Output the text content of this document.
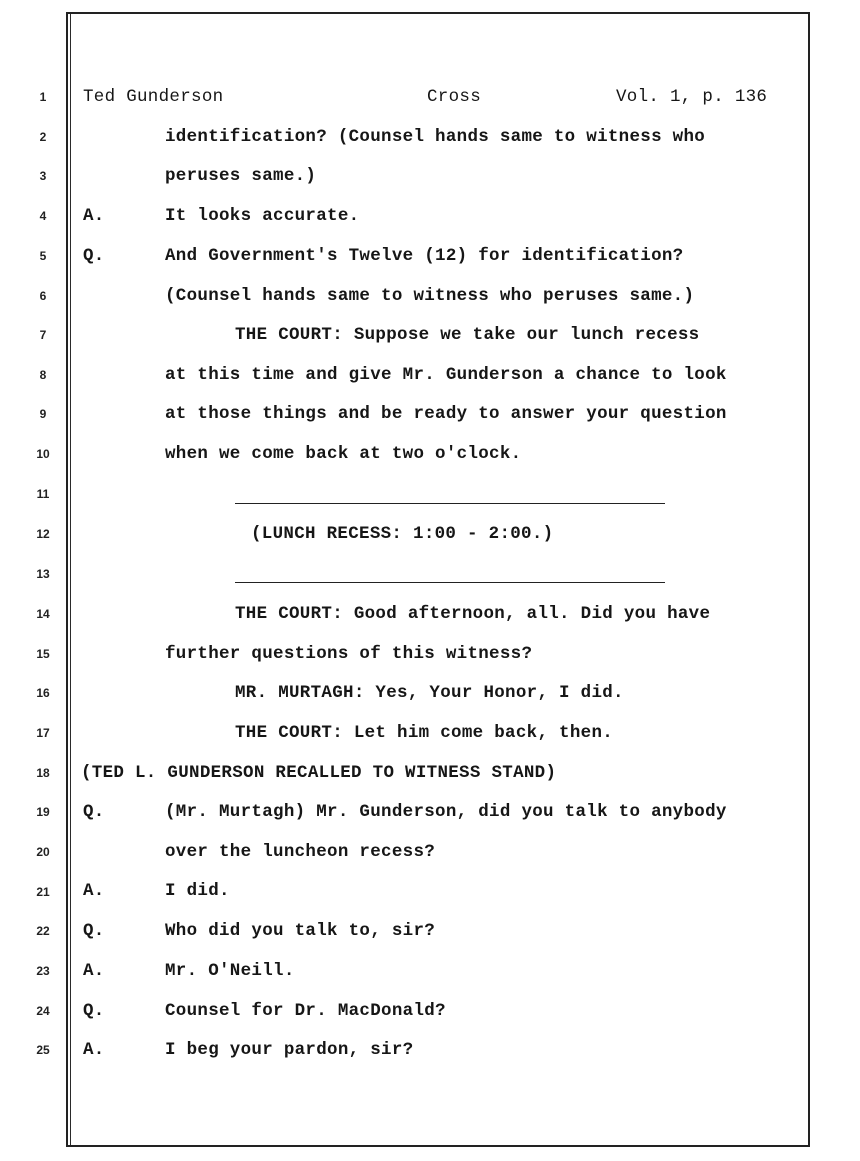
1
2
3
4
5
6
7
8
9
10
11
12
13
14
15
16
17
18
19
20
21
22
23
24
25
Ted Gunderson	Cross	Vol. 1, p. 136
identification? (Counsel hands same to witness who
peruses same.)
A.	It looks accurate.
Q.	And Government's Twelve (12) for identification?
(Counsel hands same to witness who peruses same.)
THE COURT: Suppose we take our lunch recess
at this time and give Mr. Gunderson a chance to look
at those things and be ready to answer your question
when we come back at two o'clock.
(LUNCH RECESS: 1:00 - 2:00.)
THE COURT: Good afternoon, all. Did you have
further questions of this witness?
MR. MURTAGH: Yes, Your Honor, I did.
THE COURT: Let him come back, then.
(TED L. GUNDERSON RECALLED TO WITNESS STAND)
Q.	(Mr. Murtagh) Mr. Gunderson, did you talk to anybody
over the luncheon recess?
A.	I did.
Q.	Who did you talk to, sir?
A.	Mr. O'Neill.
Q.	Counsel for Dr. MacDonald?
A.	I beg your pardon, sir?
